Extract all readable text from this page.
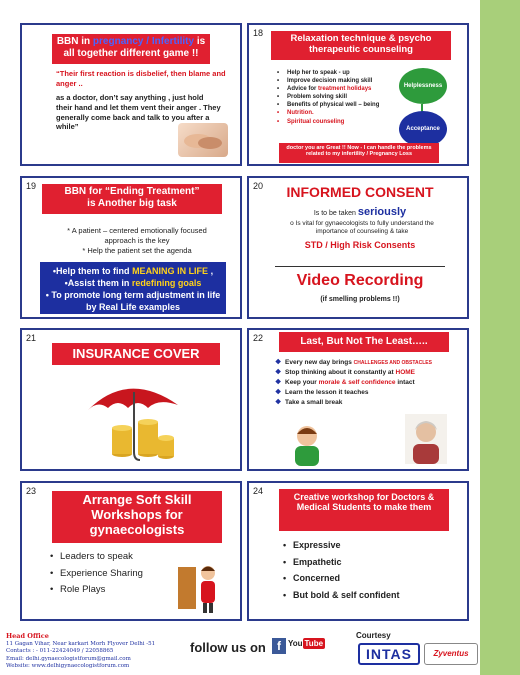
BBN in pregnancy / Infertility is all together different game !!
“Their first reaction is disbelief, then blame and anger ..
as a doctor, don’t say anything , just hold their hand and let them vent their anger . They generally come back and talk to you after a while”
18	Relaxation technique & psycho therapeutic counseling
• Help her to speak - up
• Improve decision making skill
• Advice for treatment holidays
• Problem solving skill
• Benefits of physical well – being
• Nutrition.
• Spiritual counseling
Helplessness
Acceptance
doctor you are Great !! Now - I can handle the problems related to my infertility / Pregnancy Loss
19	BBN for “Ending Treatment”
is Another big task
* A patient – centered emotionally focused approach is the key
* Help the patient set the agenda
•Help them to find MEANING IN LIFE ,
•Assist them in redefining goals
• To promote long term adjustment in life by Real Life examples
20	INFORMED CONSENT
Is to be taken seriously
o Is vital for gynaecologists to fully understand the importance of counseling & take
STD / High Risk Consents
Video Recording
(if smelling problems !!)
21
INSURANCE COVER
22	Last, But Not The Least…..
❖ Every new day brings CHALLENGES AND OBSTACLES
❖ Stop thinking about it constantly at HOME
❖ Keep your morale & self confidence intact
❖ Learn the lesson it teaches
❖ Take a small break
23
Arrange Soft Skill Workshops for gynaecologists
• Leaders to speak
• Experience Sharing
• Role Plays
24
Creative workshop for Doctors & Medical Students to make them
• Expressive
• Empathetic
• Concerned
• But bold & self confident
Head Office
11 Gagan Vihar, Near karkari Morh Flyover Delhi -51
Contacts : - 011-22424049 / 22058865
Email: delhi.gynaecologistforum@gmail.com
Website: www.delhigynaecologistforum.com
follow us on f You Tube
Courtesy
INTAS	Zyventus
